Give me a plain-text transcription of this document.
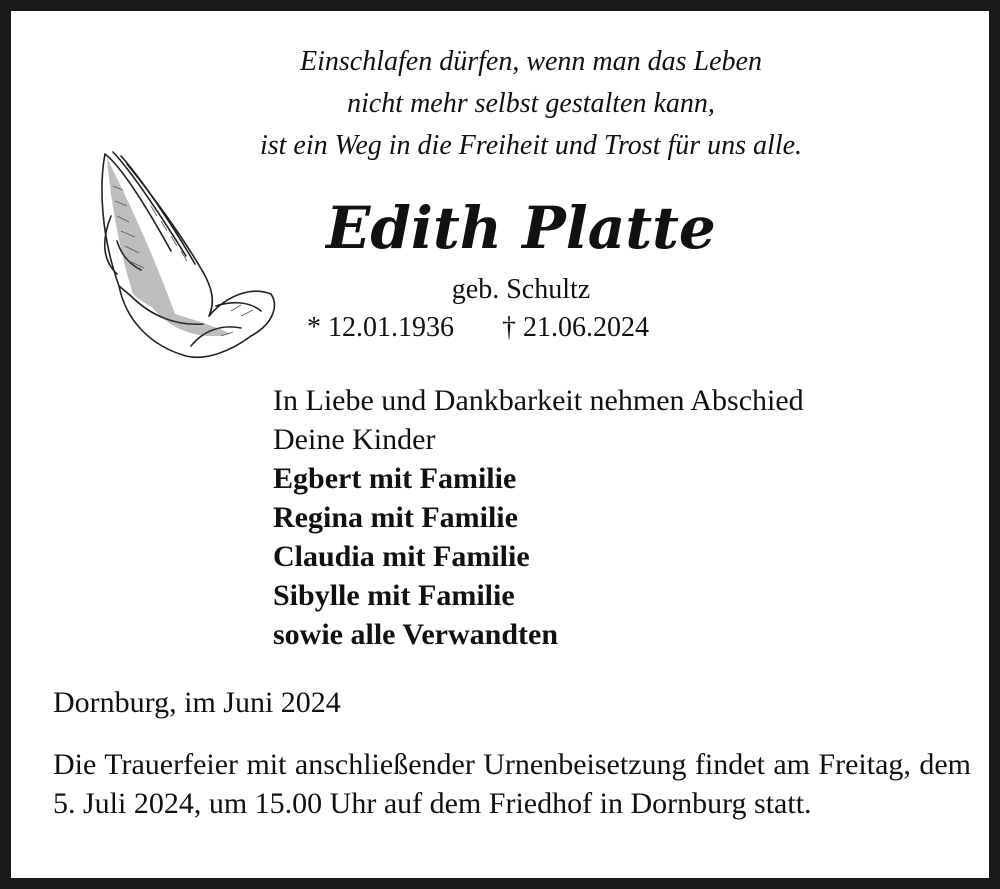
Einschlafen dürfen, wenn man das Leben
nicht mehr selbst gestalten kann,
ist ein Weg in die Freiheit und Trost für uns alle.
Edith Platte
geb. Schultz
* 12.01.1936 † 21.06.2024
In Liebe und Dankbarkeit nehmen Abschied
Deine Kinder
Egbert mit Familie
Regina mit Familie
Claudia mit Familie
Sibylle mit Familie
sowie alle Verwandten
Dornburg, im Juni 2024
Die Trauerfeier mit anschließender Urnenbeisetzung findet am Freitag, dem 5. Juli 2024, um 15.00 Uhr auf dem Friedhof in Dornburg statt.
